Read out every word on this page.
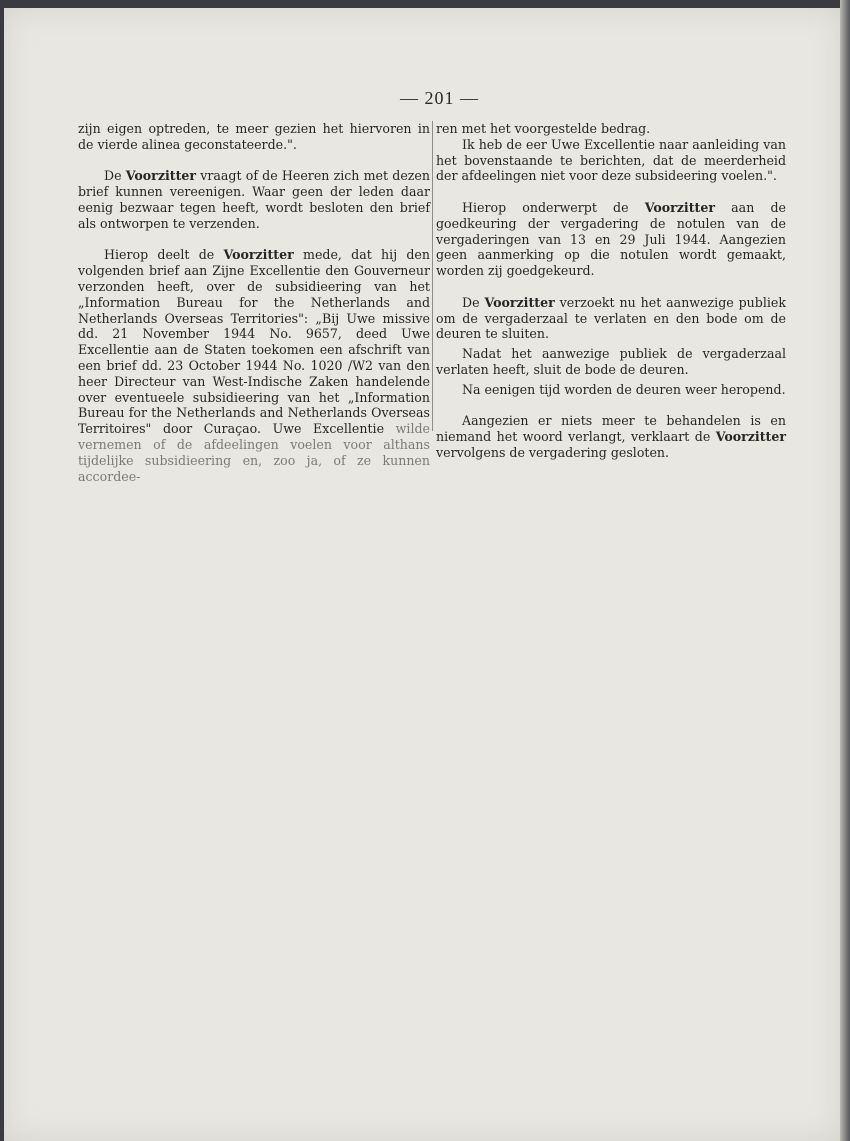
— 201 —

zijn eigen optreden, te meer gezien het hiervoren in de vierde alinea geconstateerde.".

De Voorzitter vraagt of de Heeren zich met dezen brief kunnen vereenigen. Waar geen der leden daar eenig bezwaar tegen heeft, wordt besloten den brief als ontworpen te verzenden.

Hierop deelt de Voorzitter mede, dat hij den volgenden brief aan Zijne Excellentie den Gouverneur verzonden heeft, over de subsidieering van het „Information Bureau for the Netherlands and Netherlands Overseas Territories": „Bij Uwe missive dd. 21 November 1944 No. 9657, deed Uwe Excellentie aan de Staten toekomen een afschrift van een brief dd. 23 October 1944 No. 1020 /W2 van den heer Directeur van West-Indische Zaken handelende over eventueele subsidieering van het „Information Bureau for the Netherlands and Netherlands Overseas Territoires" door Curaçao. Uwe Excellentie wilde vernemen of de afdeelingen voelen voor althans tijdelijke subsidieering en, zoo ja, of ze kunnen accordee-

ren met het voorgestelde bedrag.

Ik heb de eer Uwe Excellentie naar aanleiding van het bovenstaande te berichten, dat de meerderheid der afdeelingen niet voor deze subsideering voelen.".

Hierop onderwerpt de Voorzitter aan de goedkeuring der vergadering de notulen van de vergaderingen van 13 en 29 Juli 1944. Aangezien geen aanmerking op die notulen wordt gemaakt, worden zij goedgekeurd.

De Voorzitter verzoekt nu het aanwezige publiek om de vergaderzaal te verlaten en den bode om de deuren te sluiten.

Nadat het aanwezige publiek de vergaderzaal verlaten heeft, sluit de bode de deuren.

Na eenigen tijd worden de deuren weer heropend.

Aangezien er niets meer te behandelen is en niemand het woord verlangt, verklaart de Voorzitter vervolgens de vergadering gesloten.
